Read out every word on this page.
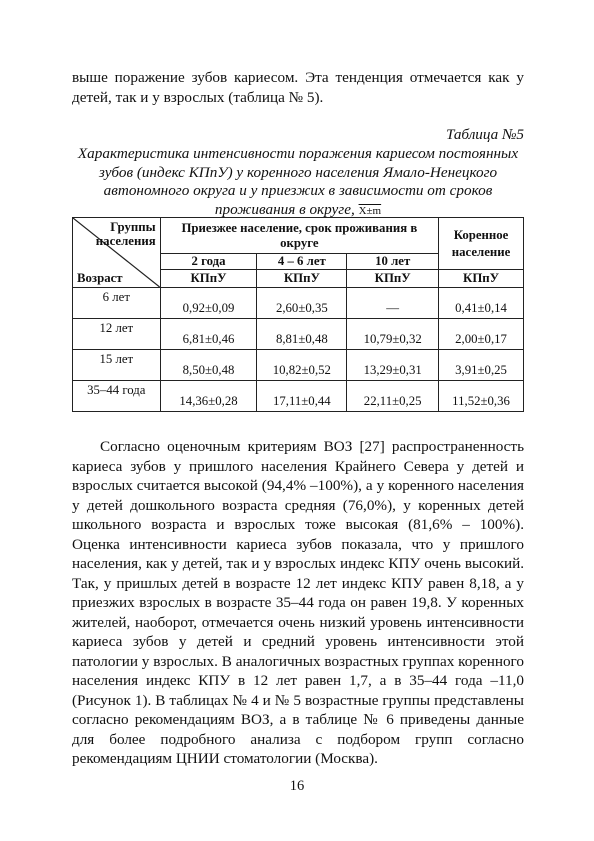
выше поражение зубов кариесом. Эта тенденция отмечается как у детей, так и у взрослых (таблица № 5).
Таблица №5
Характеристика интенсивности поражения кариесом постоянных зубов (индекс КПпУ) у коренного населения Ямало-Ненецкого автономного округа и у приезжих в зависимости от сроков проживания в округе, X±m
Группы
населения
Возраст	Приезжее население, срок проживания в округе			Коренное население
	2 года	4 – 6 лет	10 лет	
	КПпУ	КПпУ	КПпУ	КПпУ
6 лет	0,92±0,09	2,60±0,35	—	0,41±0,14
12 лет	6,81±0,46	8,81±0,48	10,79±0,32	2,00±0,17
15 лет	8,50±0,48	10,82±0,52	13,29±0,31	3,91±0,25
35–44 года	14,36±0,28	17,11±0,44	22,11±0,25	11,52±0,36
Согласно оценочным критериям ВОЗ [27] распространенность кариеса зубов у пришлого населения Крайнего Севера у детей и взрослых считается высокой (94,4% –100%), а у коренного населения у детей дошкольного возраста средняя (76,0%), у коренных детей школьного возраста и взрослых тоже высокая (81,6% – 100%). Оценка интенсивности кариеса зубов показала, что у пришлого населения, как у детей, так и у взрослых индекс КПУ очень высокий. Так, у пришлых детей в возрасте 12 лет индекс КПУ равен 8,18, а у приезжих взрослых в возрасте 35–44 года он равен 19,8. У коренных жителей, наоборот, отмечается очень низкий уровень интенсивности кариеса зубов у детей и средний уровень интенсивности этой патологии у взрослых. В аналогичных возрастных группах коренного населения индекс КПУ в 12 лет равен 1,7, а в 35–44 года –11,0 (Рисунок 1). В таблицах № 4 и № 5 возрастные группы представлены согласно рекомендациям ВОЗ, а в таблице № 6 приведены данные для более подробного анализа с подбором групп согласно рекомендациям ЦНИИ стоматологии (Москва).
16
